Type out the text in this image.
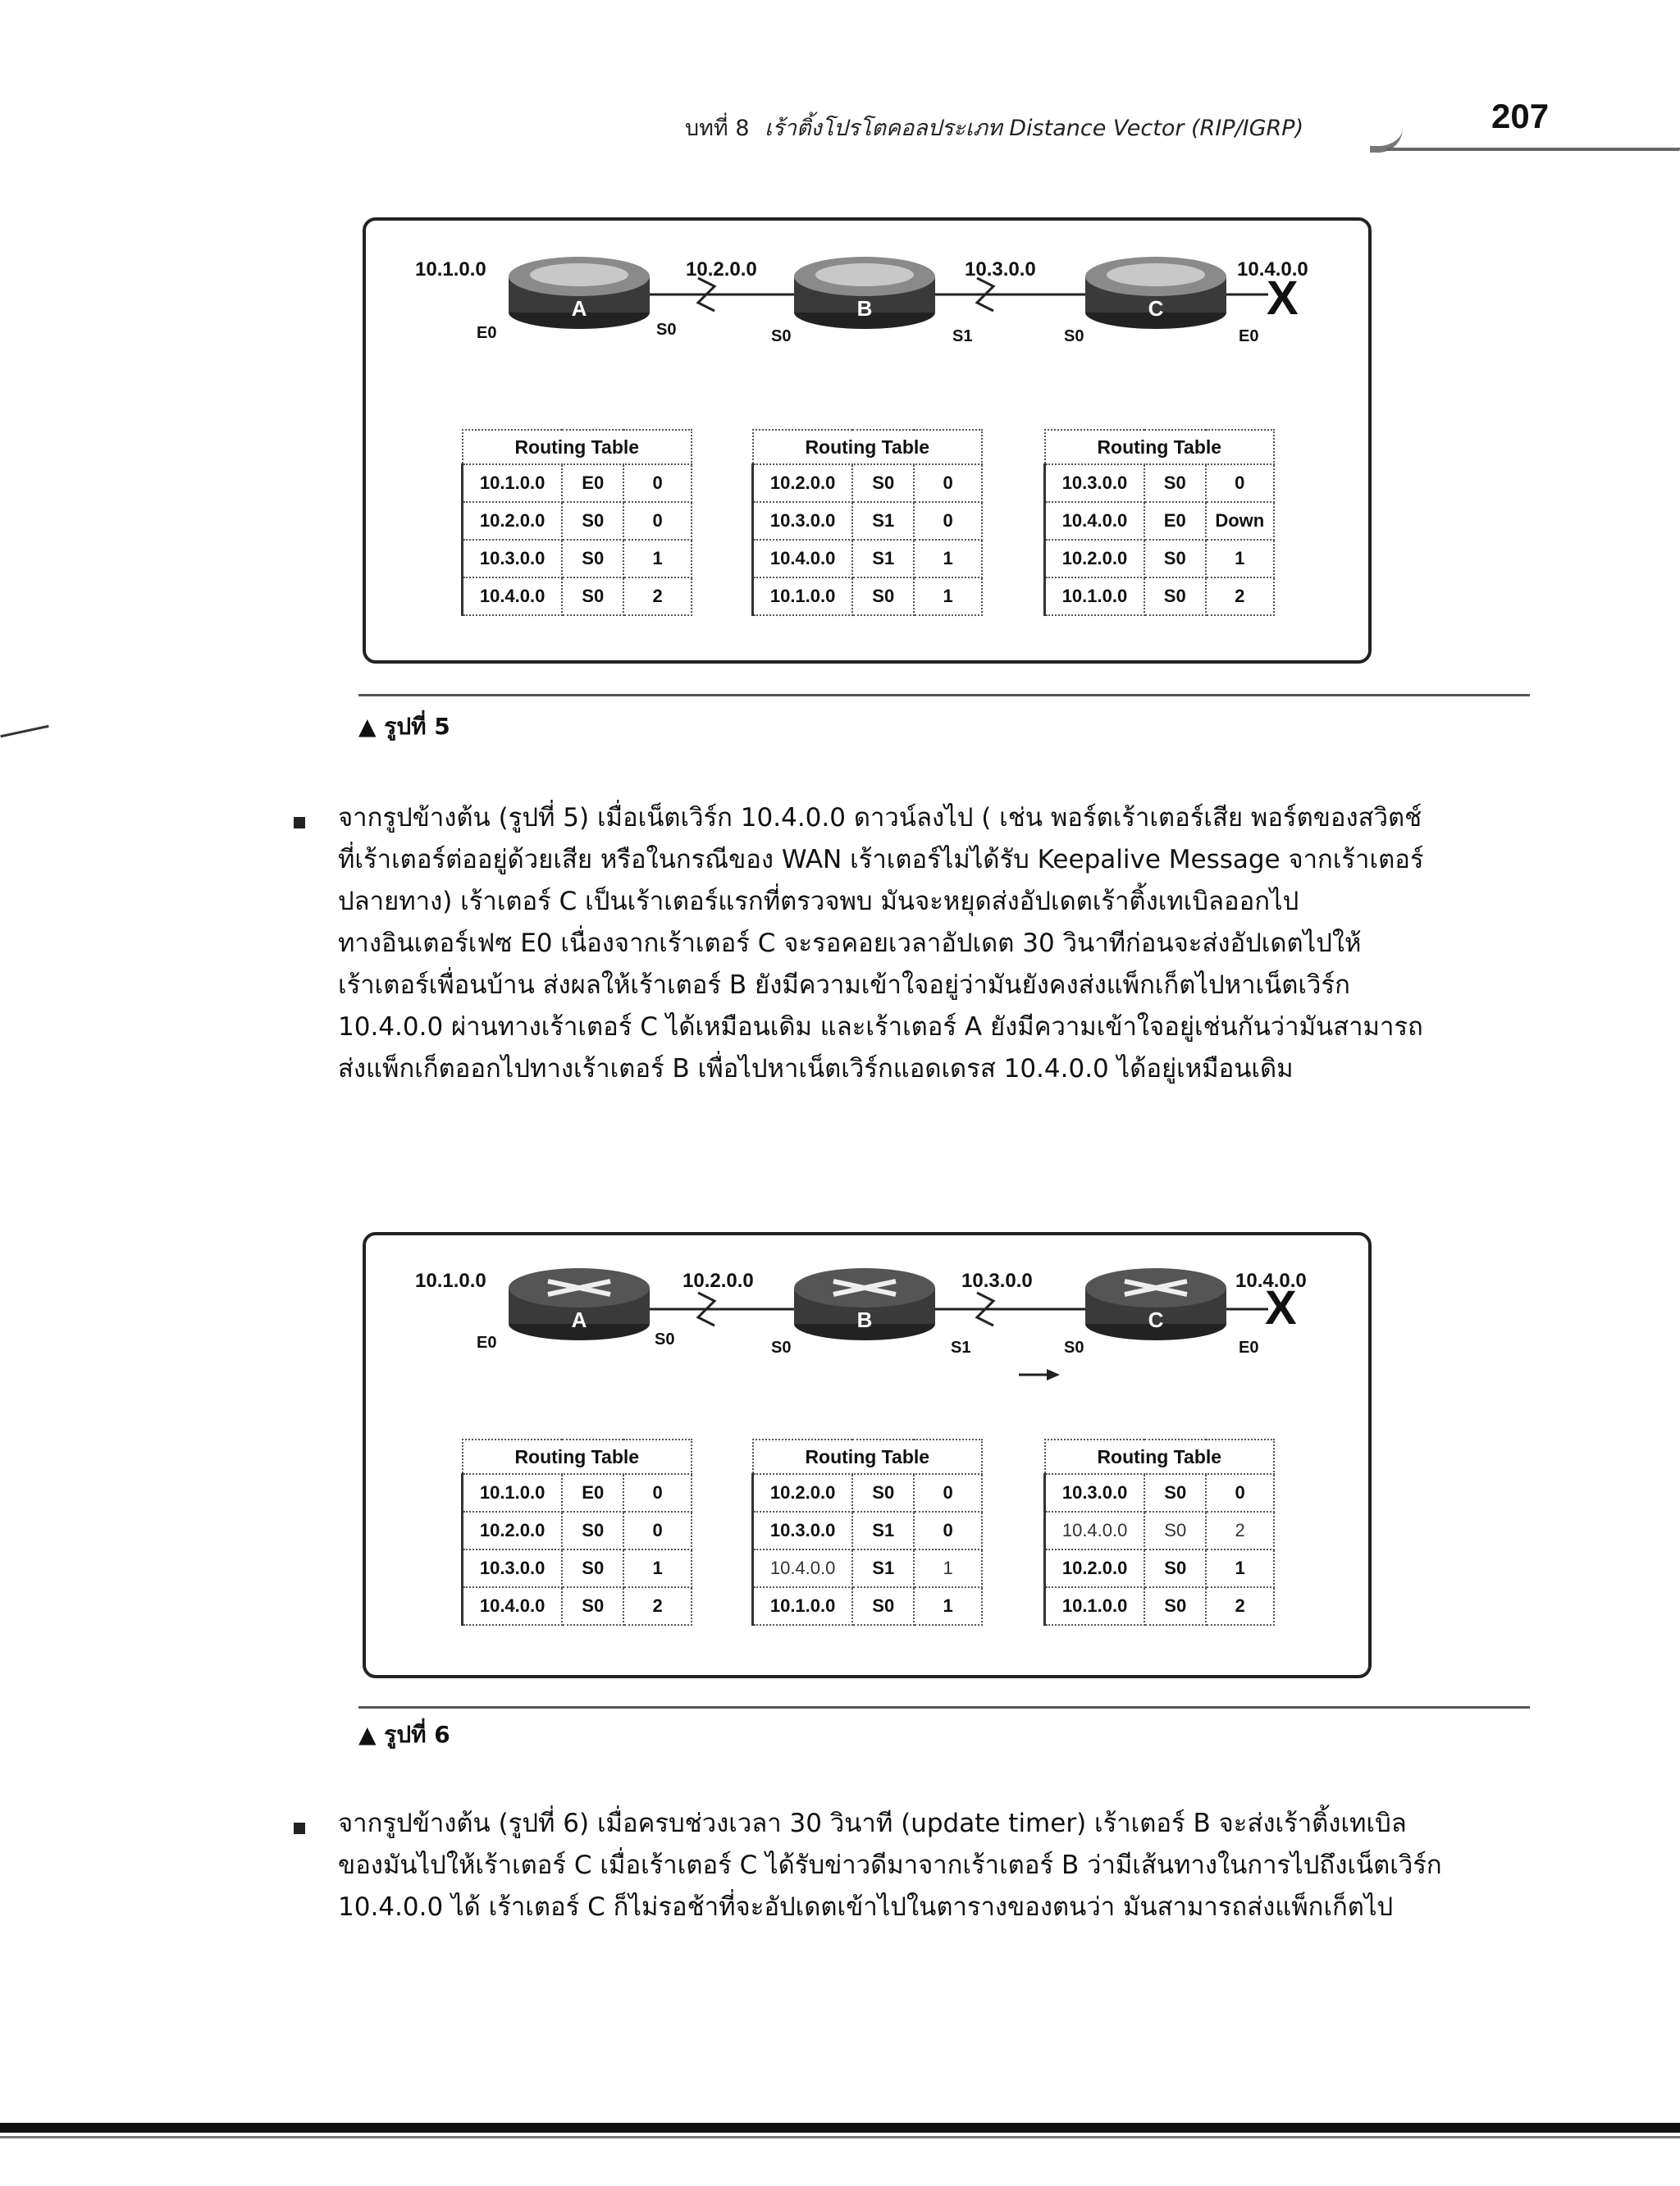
บทที่ 8 เร้าติ้งโปรโตคอลประเภท Distance Vector (RIP/IGRP)	207
10.1.0.0	10.2.0.0	10.3.0.0	10.4.0.0
X
A	B	C
E0	S0	S0	S1	S0	E0
Routing Table		
10.1.0.0	E0	0
10.2.0.0	S0	0
10.3.0.0	S0	1
10.4.0.0	S0	2
Routing Table		
10.2.0.0	S0	0
10.3.0.0	S1	0
10.4.0.0	S1	1
10.1.0.0	S0	1
Routing Table		
10.3.0.0	S0	0
10.4.0.0	E0	Down
10.2.0.0	S0	1
10.1.0.0	S0	2
▲ รูปที่ 5
จากรูปข้างต้น (รูปที่ 5) เมื่อเน็ตเวิร์ก 10.4.0.0 ดาวน์ลงไป ( เช่น พอร์ตเร้าเตอร์เสีย พอร์ตของสวิตช์
ที่เร้าเตอร์ต่ออยู่ด้วยเสีย หรือในกรณีของ WAN เร้าเตอร์ไม่ได้รับ Keepalive Message จากเร้าเตอร์
ปลายทาง) เร้าเตอร์ C เป็นเร้าเตอร์แรกที่ตรวจพบ มันจะหยุดส่งอัปเดตเร้าติ้งเทเบิลออกไป
ทางอินเตอร์เฟซ E0 เนื่องจากเร้าเตอร์ C จะรอคอยเวลาอัปเดต 30 วินาทีก่อนจะส่งอัปเดตไปให้
เร้าเตอร์เพื่อนบ้าน ส่งผลให้เร้าเตอร์ B ยังมีความเข้าใจอยู่ว่ามันยังคงส่งแพ็กเก็ตไปหาเน็ตเวิร์ก
10.4.0.0 ผ่านทางเร้าเตอร์ C ได้เหมือนเดิม และเร้าเตอร์ A ยังมีความเข้าใจอยู่เช่นกันว่ามันสามารถ
ส่งแพ็กเก็ตออกไปทางเร้าเตอร์ B เพื่อไปหาเน็ตเวิร์กแอดเดรส 10.4.0.0 ได้อยู่เหมือนเดิม
10.1.0.0	10.2.0.0	10.3.0.0	10.4.0.0
X
A	B	C
E0	S0	S0	S1	S0	E0
Routing Table		
10.1.0.0	E0	0
10.2.0.0	S0	0
10.3.0.0	S0	1
10.4.0.0	S0	2
Routing Table		
10.2.0.0	S0	0
10.3.0.0	S1	0
10.4.0.0	S1	1
10.1.0.0	S0	1
Routing Table		
10.3.0.0	S0	0
10.4.0.0	S0	2
10.2.0.0	S0	1
10.1.0.0	S0	2
▲ รูปที่ 6
จากรูปข้างต้น (รูปที่ 6) เมื่อครบช่วงเวลา 30 วินาที (update timer) เร้าเตอร์ B จะส่งเร้าติ้งเทเบิล
ของมันไปให้เร้าเตอร์ C เมื่อเร้าเตอร์ C ได้รับข่าวดีมาจากเร้าเตอร์ B ว่ามีเส้นทางในการไปถึงเน็ตเวิร์ก
10.4.0.0 ได้ เร้าเตอร์ C ก็ไม่รอช้าที่จะอัปเดตเข้าไปในตารางของตนว่า มันสามารถส่งแพ็กเก็ตไป
